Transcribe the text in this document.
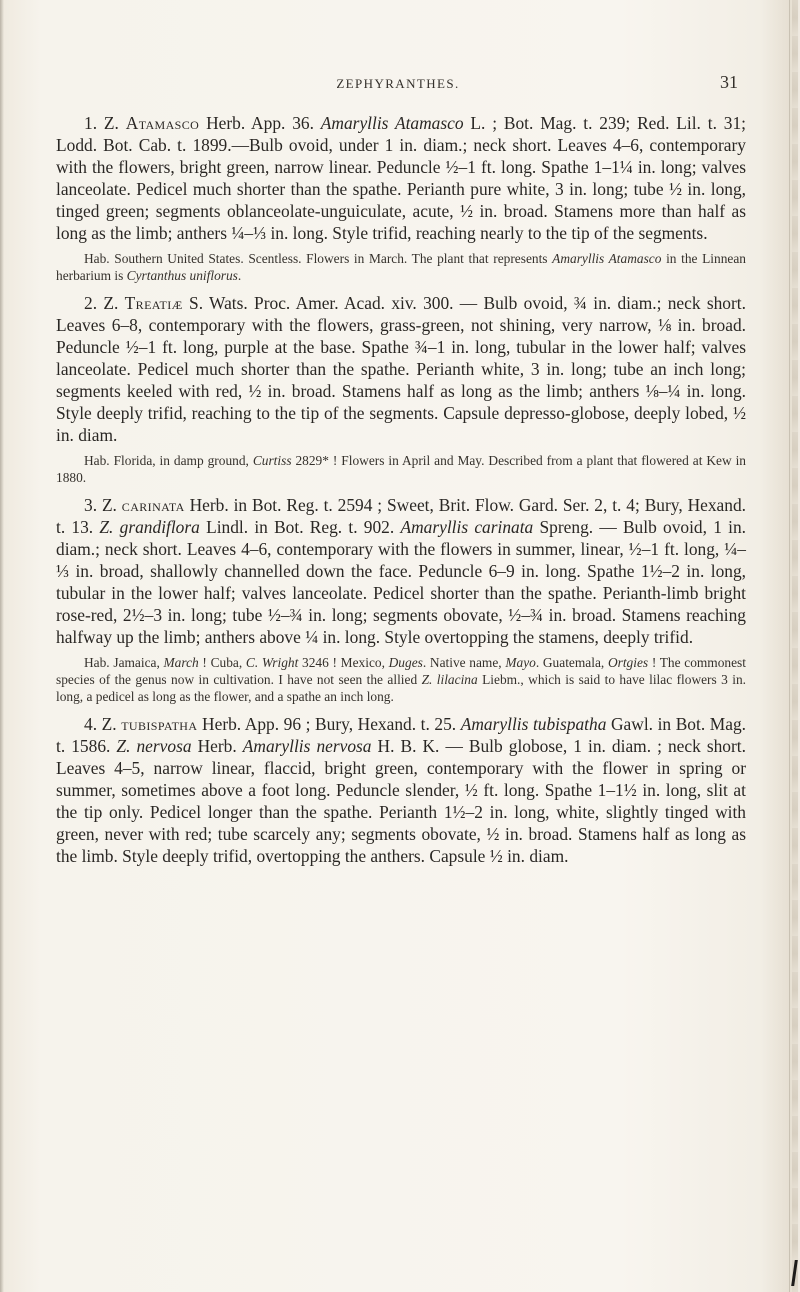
ZEPHYRANTHES.	31

1. Z. Atamasco Herb. App. 36. Amaryllis Atamasco L. ; Bot. Mag. t. 239; Red. Lil. t. 31; Lodd. Bot. Cab. t. 1899.—Bulb ovoid, under 1 in. diam.; neck short. Leaves 4–6, contemporary with the flowers, bright green, narrow linear. Peduncle ½–1 ft. long. Spathe 1–1¼ in. long; valves lanceolate. Pedicel much shorter than the spathe. Perianth pure white, 3 in. long; tube ½ in. long, tinged green; segments oblanceolate-unguiculate, acute, ½ in. broad. Stamens more than half as long as the limb; anthers ¼–⅓ in. long. Style trifid, reaching nearly to the tip of the segments.

Hab. Southern United States. Scentless. Flowers in March. The plant that represents Amaryllis Atamasco in the Linnean herbarium is Cyrtanthus uniflorus.

2. Z. Treatiæ S. Wats. Proc. Amer. Acad. xiv. 300. — Bulb ovoid, ¾ in. diam.; neck short. Leaves 6–8, contemporary with the flowers, grass-green, not shining, very narrow, ⅛ in. broad. Peduncle ½–1 ft. long, purple at the base. Spathe ¾–1 in. long, tubular in the lower half; valves lanceolate. Pedicel much shorter than the spathe. Perianth white, 3 in. long; tube an inch long; segments keeled with red, ½ in. broad. Stamens half as long as the limb; anthers ⅛–¼ in. long. Style deeply trifid, reaching to the tip of the segments. Capsule depresso-globose, deeply lobed, ½ in. diam.

Hab. Florida, in damp ground, Curtiss 2829* ! Flowers in April and May. Described from a plant that flowered at Kew in 1880.

3. Z. carinata Herb. in Bot. Reg. t. 2594 ; Sweet, Brit. Flow. Gard. Ser. 2, t. 4; Bury, Hexand. t. 13. Z. grandiflora Lindl. in Bot. Reg. t. 902. Amaryllis carinata Spreng. — Bulb ovoid, 1 in. diam.; neck short. Leaves 4–6, contemporary with the flowers in summer, linear, ½–1 ft. long, ¼–⅓ in. broad, shallowly channelled down the face. Peduncle 6–9 in. long. Spathe 1½–2 in. long, tubular in the lower half; valves lanceolate. Pedicel shorter than the spathe. Perianth-limb bright rose-red, 2½–3 in. long; tube ½–¾ in. long; segments obovate, ½–¾ in. broad. Stamens reaching halfway up the limb; anthers above ¼ in. long. Style overtopping the stamens, deeply trifid.

Hab. Jamaica, March ! Cuba, C. Wright 3246 ! Mexico, Duges. Native name, Mayo. Guatemala, Ortgies ! The commonest species of the genus now in cultivation. I have not seen the allied Z. lilacina Liebm., which is said to have lilac flowers 3 in. long, a pedicel as long as the flower, and a spathe an inch long.

4. Z. tubispatha Herb. App. 96 ; Bury, Hexand. t. 25. Amaryllis tubispatha Gawl. in Bot. Mag. t. 1586. Z. nervosa Herb. Amaryllis nervosa H. B. K. — Bulb globose, 1 in. diam. ; neck short. Leaves 4–5, narrow linear, flaccid, bright green, contemporary with the flower in spring or summer, sometimes above a foot long. Peduncle slender, ½ ft. long. Spathe 1–1½ in. long, slit at the tip only. Pedicel longer than the spathe. Perianth 1½–2 in. long, white, slightly tinged with green, never with red; tube scarcely any; segments obovate, ½ in. broad. Stamens half as long as the limb. Style deeply trifid, overtopping the anthers. Capsule ½ in. diam.
